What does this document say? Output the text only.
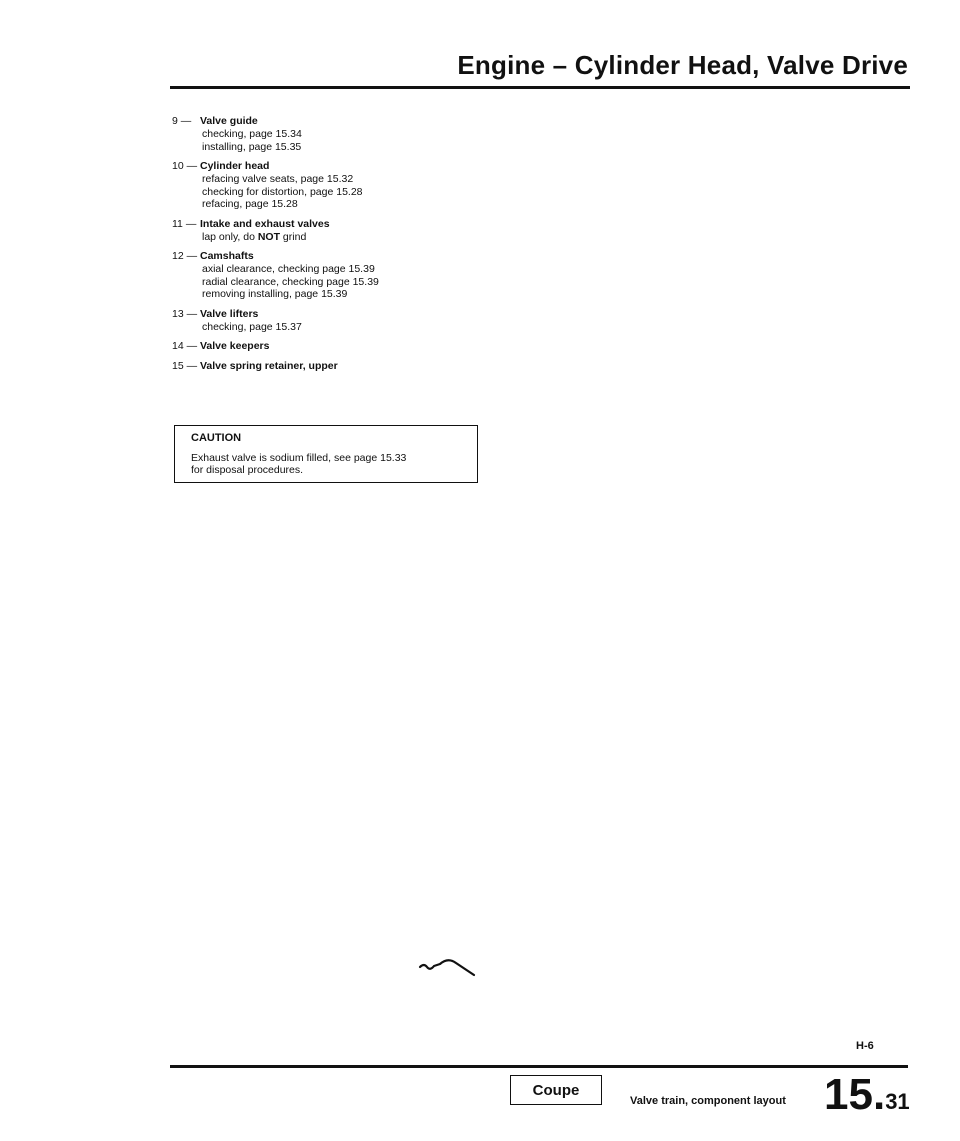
Engine – Cylinder Head, Valve Drive
9 — Valve guide
checking, page 15.34
installing, page 15.35
10 — Cylinder head
refacing valve seats, page 15.32
checking for distortion, page 15.28
refacing, page 15.28
11 — Intake and exhaust valves
lap only, do NOT grind
12 — Camshafts
axial clearance, checking page 15.39
radial clearance, checking page 15.39
removing installing, page 15.39
13 — Valve lifters
checking, page 15.37
14 — Valve keepers
15 — Valve spring retainer, upper
CAUTION
Exhaust valve is sodium filled, see page 15.33
for disposal procedures.
H-6
Coupe
Valve train, component layout 15.31
